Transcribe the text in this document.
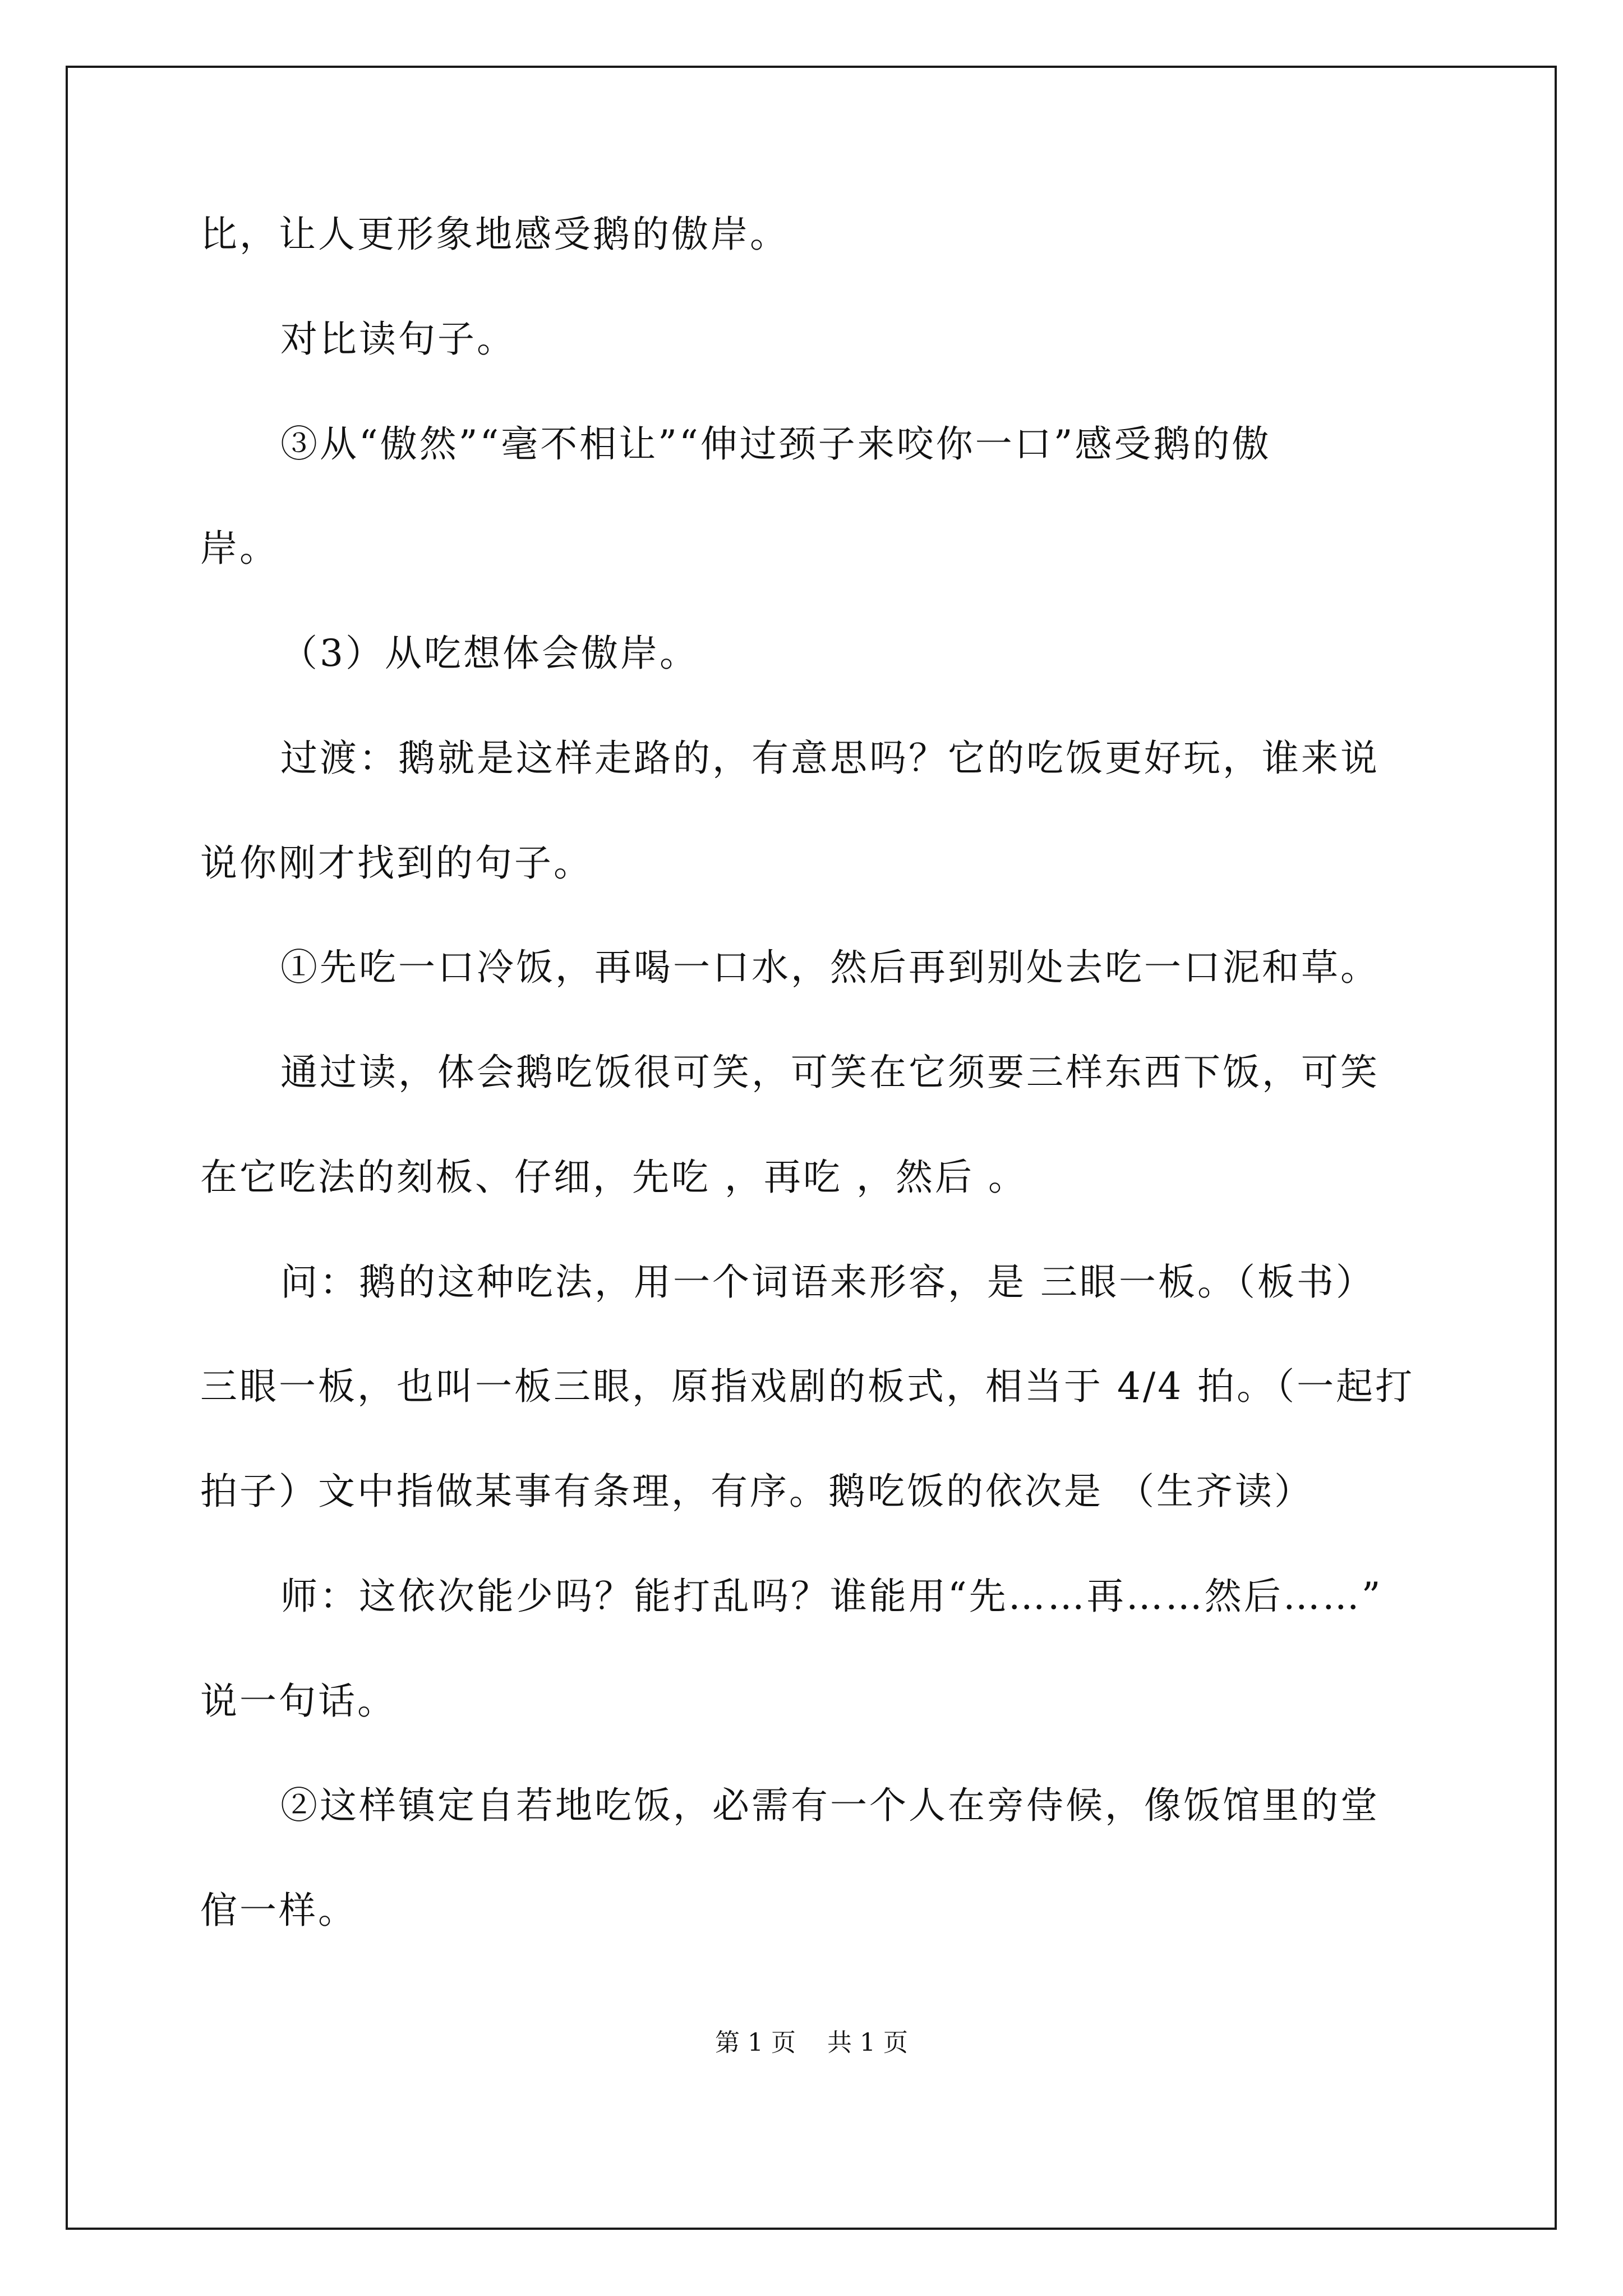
比，让人更形象地感受鹅的傲岸。
对比读句子。
③从“傲然”“毫不相让”“伸过颈子来咬你一口”感受鹅的傲
岸。
（3）从吃想体会傲岸。
过渡：鹅就是这样走路的，有意思吗？它的吃饭更好玩，谁来说
说你刚才找到的句子。
①先吃一口冷饭，再喝一口水，然后再到别处去吃一口泥和草。
通过读，体会鹅吃饭很可笑，可笑在它须要三样东西下饭，可笑
在它吃法的刻板、仔细，先吃 ，再吃 ，然后 。
问：鹅的这种吃法，用一个词语来形容，是 三眼一板。（板书）
三眼一板，也叫一板三眼，原指戏剧的板式，相当于 4/4 拍。（一起打
拍子）文中指做某事有条理，有序。鹅吃饭的依次是 （生齐读）
师：这依次能少吗？能打乱吗？谁能用“先……再……然后……”
说一句话。
②这样镇定自若地吃饭，必需有一个人在旁侍候，像饭馆里的堂
倌一样。
第 1 页 共 1 页
